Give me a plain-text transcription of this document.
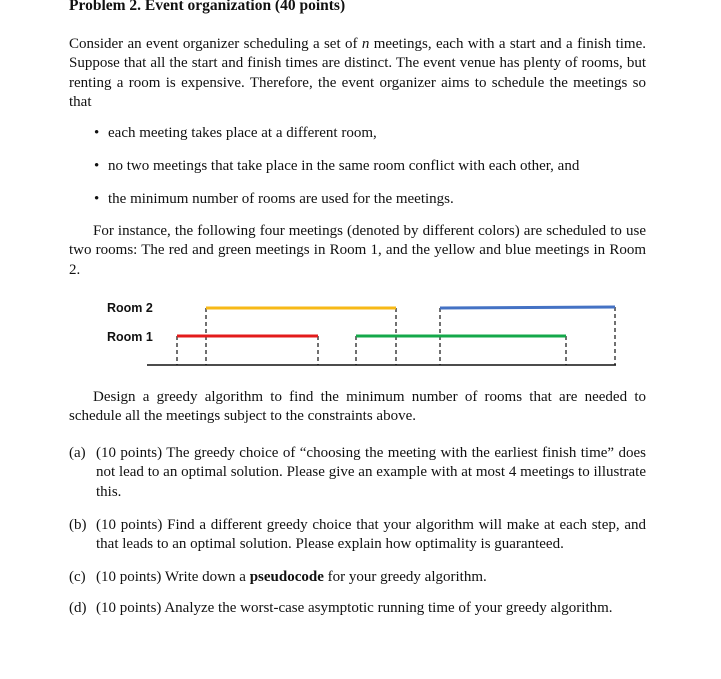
Problem 2. Event organization (40 points)

Consider an event organizer scheduling a set of n meetings, each with a start and a finish time. Suppose that all the start and finish times are distinct. The event venue has plenty of rooms, but renting a room is expensive. Therefore, the event organizer aims to schedule the meetings so that

• each meeting takes place at a different room,

• no two meetings that take place in the same room conflict with each other, and

• the minimum number of rooms are used for the meetings.

For instance, the following four meetings (denoted by different colors) are scheduled to use two rooms: The red and green meetings in Room 1, and the yellow and blue meetings in Room 2.

Room 2
Room 1

Design a greedy algorithm to find the minimum number of rooms that are needed to schedule all the meetings subject to the constraints above.

(a) (10 points) The greedy choice of “choosing the meeting with the earliest finish time” does not lead to an optimal solution. Please give an example with at most 4 meetings to illustrate this.
(b) (10 points) Find a different greedy choice that your algorithm will make at each step, and that leads to an optimal solution. Please explain how optimality is guaranteed.
(c) (10 points) Write down a pseudocode for your greedy algorithm.
(d) (10 points) Analyze the worst-case asymptotic running time of your greedy algorithm.
